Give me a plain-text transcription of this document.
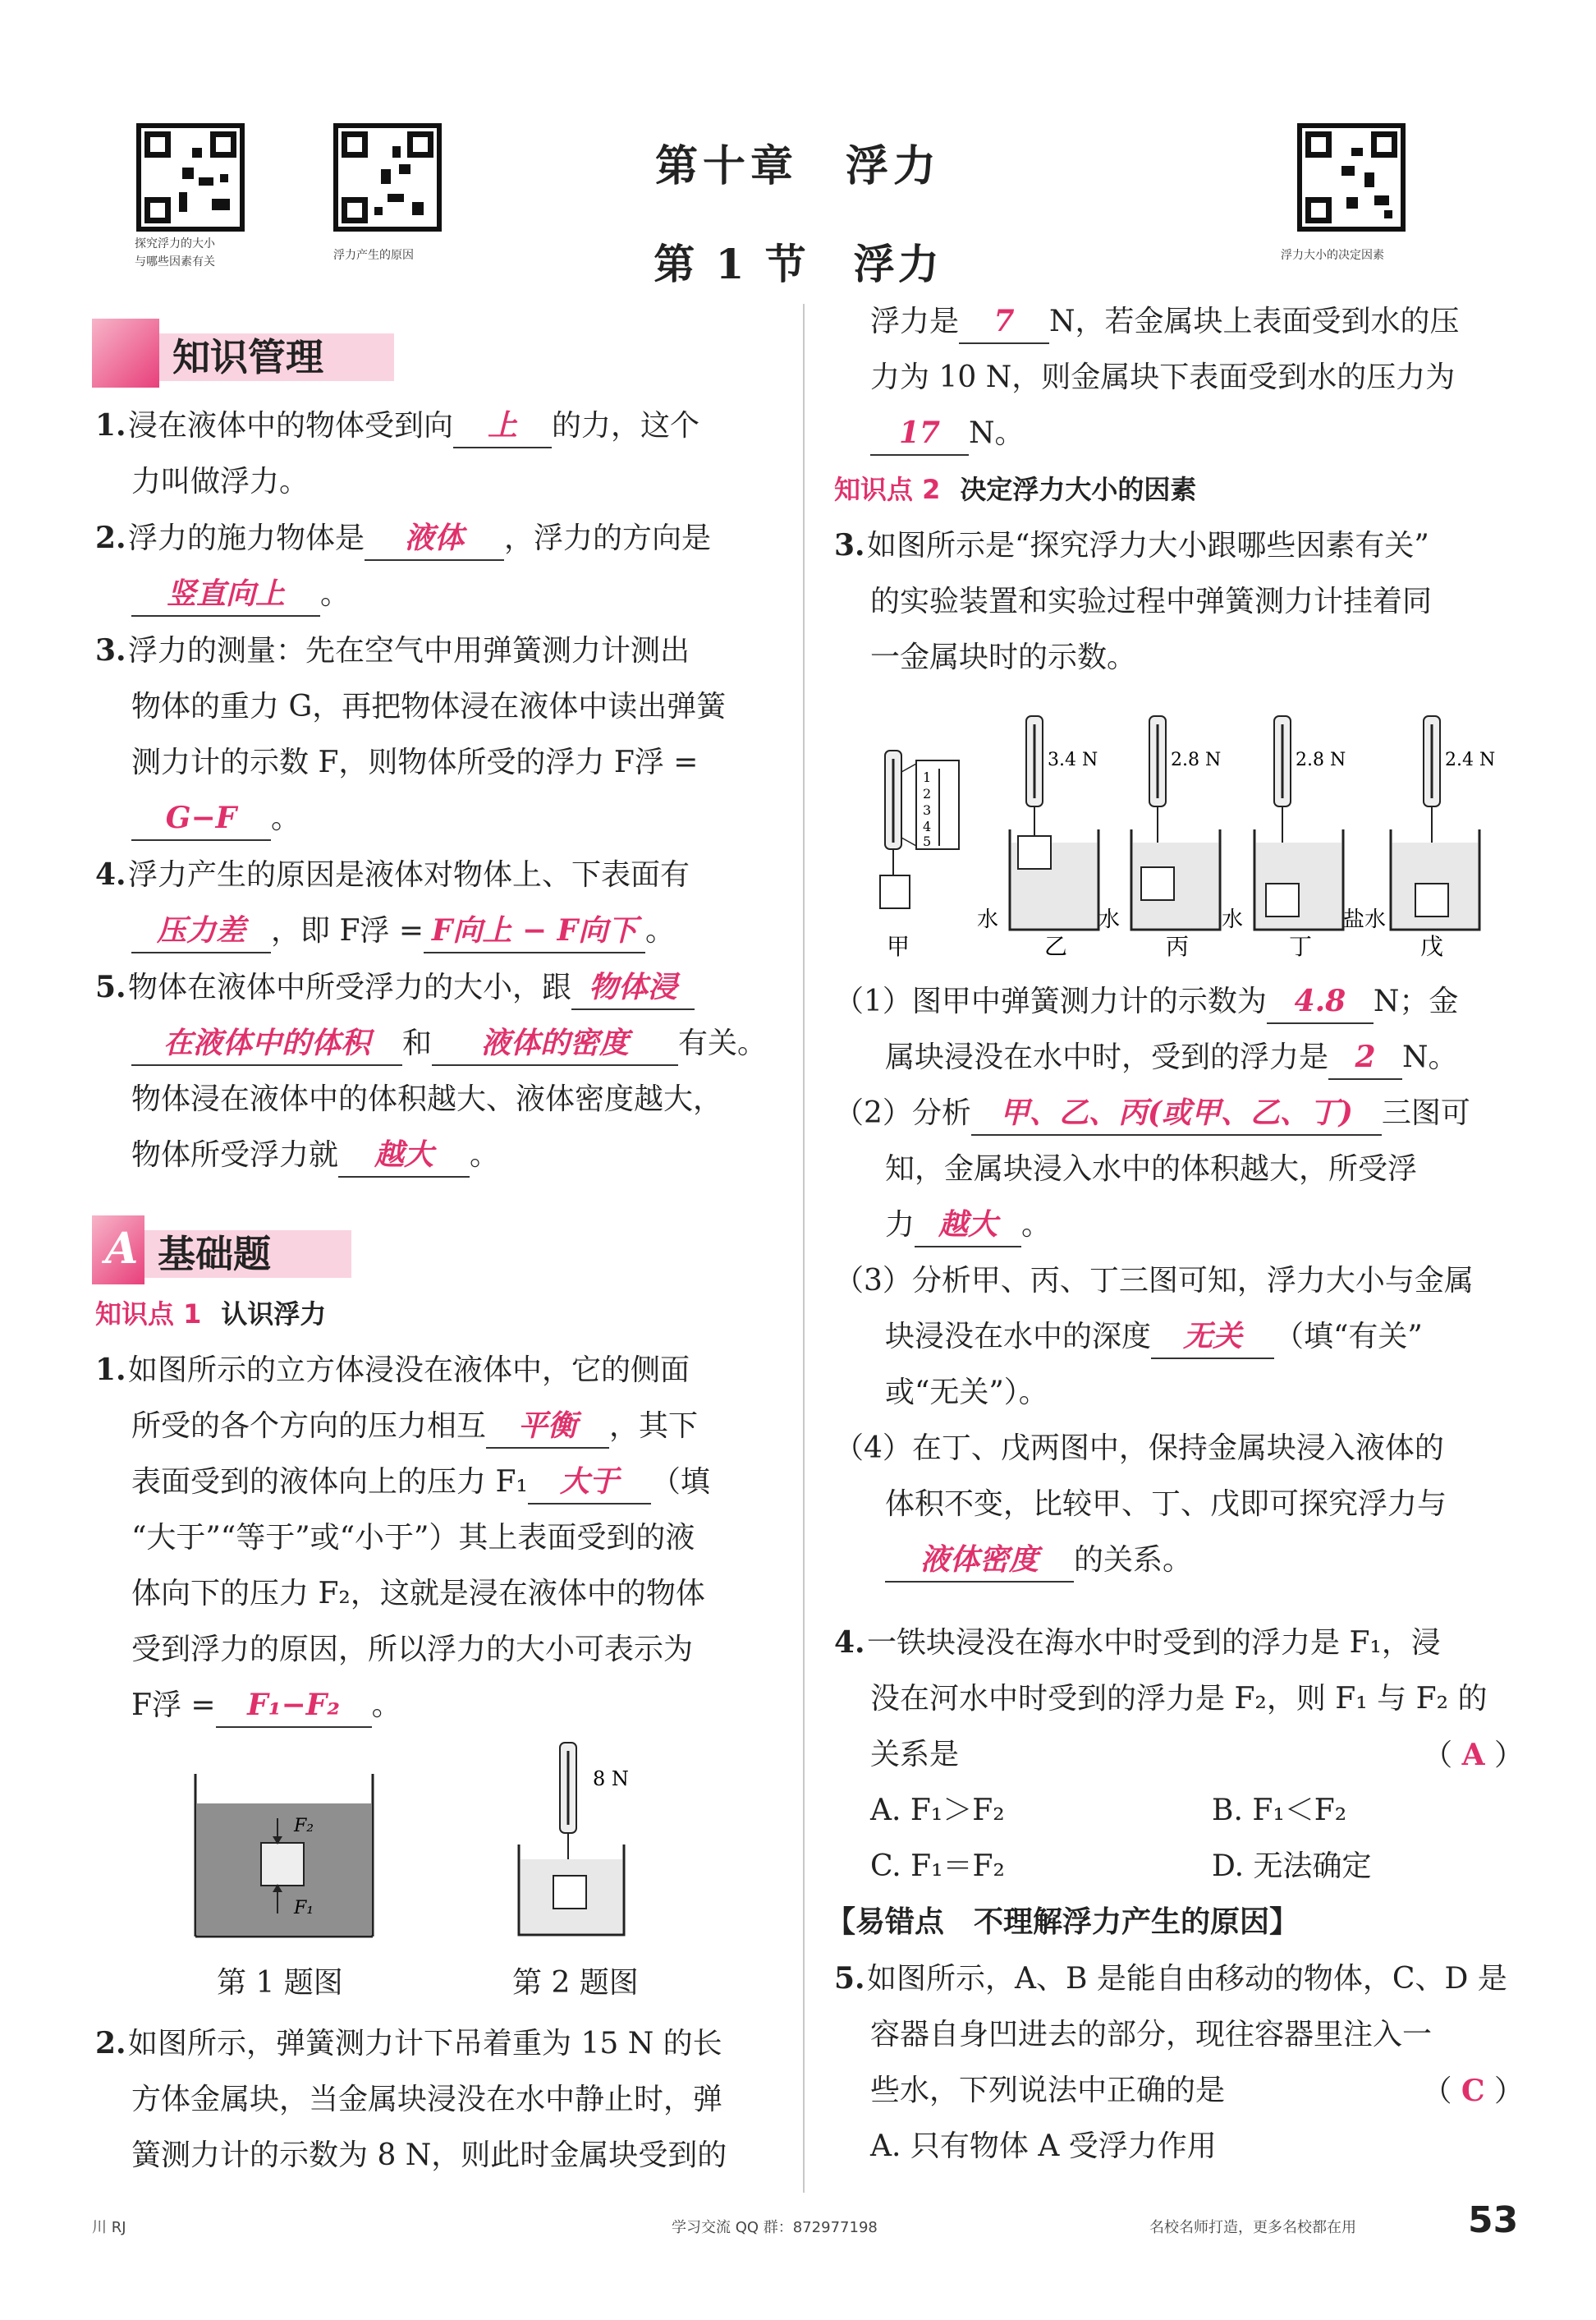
探究浮力的大小
与哪些因素有关	浮力产生的原因	浮力大小的决定因素
第十章　浮力
第 1 节　浮力
知识管理
1.浸在液体中的物体受到向 上 的力，这个
力叫做浮力。
2.浮力的施力物体是 液体 ，浮力的方向是
竖直向上 。
3.浮力的测量：先在空气中用弹簧测力计测出
物体的重力 G，再把物体浸在液体中读出弹簧
测力计的示数 F，则物体所受的浮力 F浮 =
G−F 。
4.浮力产生的原因是液体对物体上、下表面有
压力差 ，即 F浮 = F向上 − F向下 。
5.物体在液体中所受浮力的大小，跟 物体浸
在液体中的体积 和 液体的密度 有关。
物体浸在液体中的体积越大、液体密度越大，
物体所受浮力就 越大 。
A 基础题
知识点 1 认识浮力
1.如图所示的立方体浸没在液体中，它的侧面
所受的各个方向的压力相互 平衡 ，其下
表面受到的液体向上的压力 F₁ 大于 （填
“大于”“等于”或“小于”）其上表面受到的液
体向下的压力 F₂，这就是浸在液体中的物体
受到浮力的原因，所以浮力的大小可表示为
F浮 = F₁−F₂ 。
F₂
F₁
第 1 题图
8 N
第 2 题图
2.如图所示，弹簧测力计下吊着重为 15 N 的长
方体金属块，当金属块浸没在水中静止时，弹
簧测力计的示数为 8 N，则此时金属块受到的
浮力是 7 N，若金属块上表面受到水的压
力为 10 N，则金属块下表面受到水的压力为
17 N。
知识点 2 决定浮力大小的因素
3.如图所示是“探究浮力大小跟哪些因素有关”
的实验装置和实验过程中弹簧测力计挂着同
一金属块时的示数。
1
2
3
4
5
甲
3.4 N
水
乙
2.8 N
水
丙
2.8 N
水
丁
2.4 N
盐水
戊
（1）图甲中弹簧测力计的示数为 4.8 N；金
属块浸没在水中时，受到的浮力是 2 N。
（2）分析 甲、乙、丙(或甲、乙、丁) 三图可
知，金属块浸入水中的体积越大，所受浮
力 越大 。
（3）分析甲、丙、丁三图可知，浮力大小与金属
块浸没在水中的深度 无关 （填“有关”
或“无关”）。
（4）在丁、戊两图中，保持金属块浸入液体的
体积不变，比较甲、丁、戊即可探究浮力与
液体密度 的关系。
4.一铁块浸没在海水中时受到的浮力是 F₁，浸
没在河水中时受到的浮力是 F₂，则 F₁ 与 F₂ 的
关系是	（ A ）
A. F₁＞F₂	B. F₁＜F₂
C. F₁＝F₂	D. 无法确定
【易错点　不理解浮力产生的原因】
5.如图所示，A、B 是能自由移动的物体，C、D 是
容器自身凹进去的部分，现往容器里注入一
些水，下列说法中正确的是	（ C ）
A. 只有物体 A 受浮力作用
川 RJ	学习交流 QQ 群：872977198	名校名师打造，更多名校都在用	53
